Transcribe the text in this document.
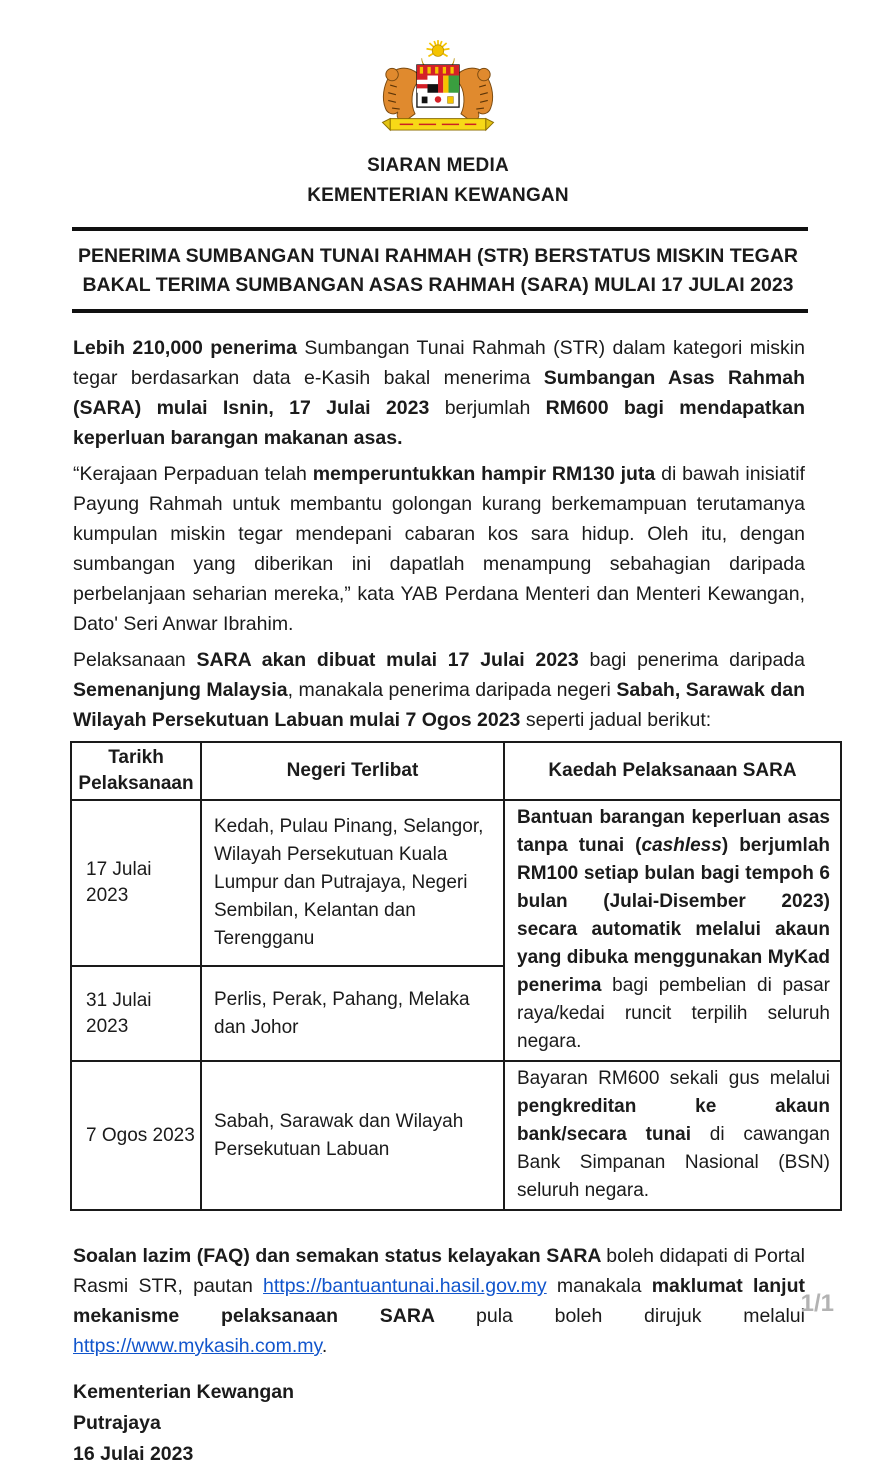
SIARAN MEDIA
KEMENTERIAN KEWANGAN
PENERIMA SUMBANGAN TUNAI RAHMAH (STR) BERSTATUS MISKIN TEGAR
BAKAL TERIMA SUMBANGAN ASAS RAHMAH (SARA) MULAI 17 JULAI 2023

Lebih 210,000 penerima Sumbangan Tunai Rahmah (STR) dalam kategori miskin tegar berdasarkan data e-Kasih bakal menerima Sumbangan Asas Rahmah (SARA) mulai Isnin, 17 Julai 2023 berjumlah RM600 bagi mendapatkan keperluan barangan makanan asas.

“Kerajaan Perpaduan telah memperuntukkan hampir RM130 juta di bawah inisiatif Payung Rahmah untuk membantu golongan kurang berkemampuan terutamanya kumpulan miskin tegar mendepani cabaran kos sara hidup. Oleh itu, dengan sumbangan yang diberikan ini dapatlah menampung sebahagian daripada perbelanjaan seharian mereka,” kata YAB Perdana Menteri dan Menteri Kewangan, Dato' Seri Anwar Ibrahim.

Pelaksanaan SARA akan dibuat mulai 17 Julai 2023 bagi penerima daripada Semenanjung Malaysia, manakala penerima daripada negeri Sabah, Sarawak dan Wilayah Persekutuan Labuan mulai 7 Ogos 2023 seperti jadual berikut:

Tarikh Pelaksanaan	Negeri Terlibat	Kaedah Pelaksanaan SARA
17 Julai 2023	Kedah, Pulau Pinang, Selangor, Wilayah Persekutuan Kuala Lumpur dan Putrajaya, Negeri Sembilan, Kelantan dan Terengganu	Bantuan barangan keperluan asas tanpa tunai (cashless) berjumlah RM100 setiap bulan bagi tempoh 6 bulan (Julai-Disember 2023) secara automatik melalui akaun yang dibuka menggunakan MyKad penerima bagi pembelian di pasar raya/kedai runcit terpilih seluruh negara.
31 Julai 2023	Perlis, Perak, Pahang, Melaka dan Johor	
7 Ogos 2023	Sabah, Sarawak dan Wilayah Persekutuan Labuan	Bayaran RM600 sekali gus melalui pengkreditan ke akaun bank/secara tunai di cawangan Bank Simpanan Nasional (BSN) seluruh negara.

Soalan lazim (FAQ) dan semakan status kelayakan SARA boleh didapati di Portal Rasmi STR, pautan https://bantuantunai.hasil.gov.my manakala maklumat lanjut mekanisme pelaksanaan SARA pula boleh dirujuk melalui https://www.mykasih.com.my.

Kementerian Kewangan
Putrajaya
16 Julai 2023
1/1
